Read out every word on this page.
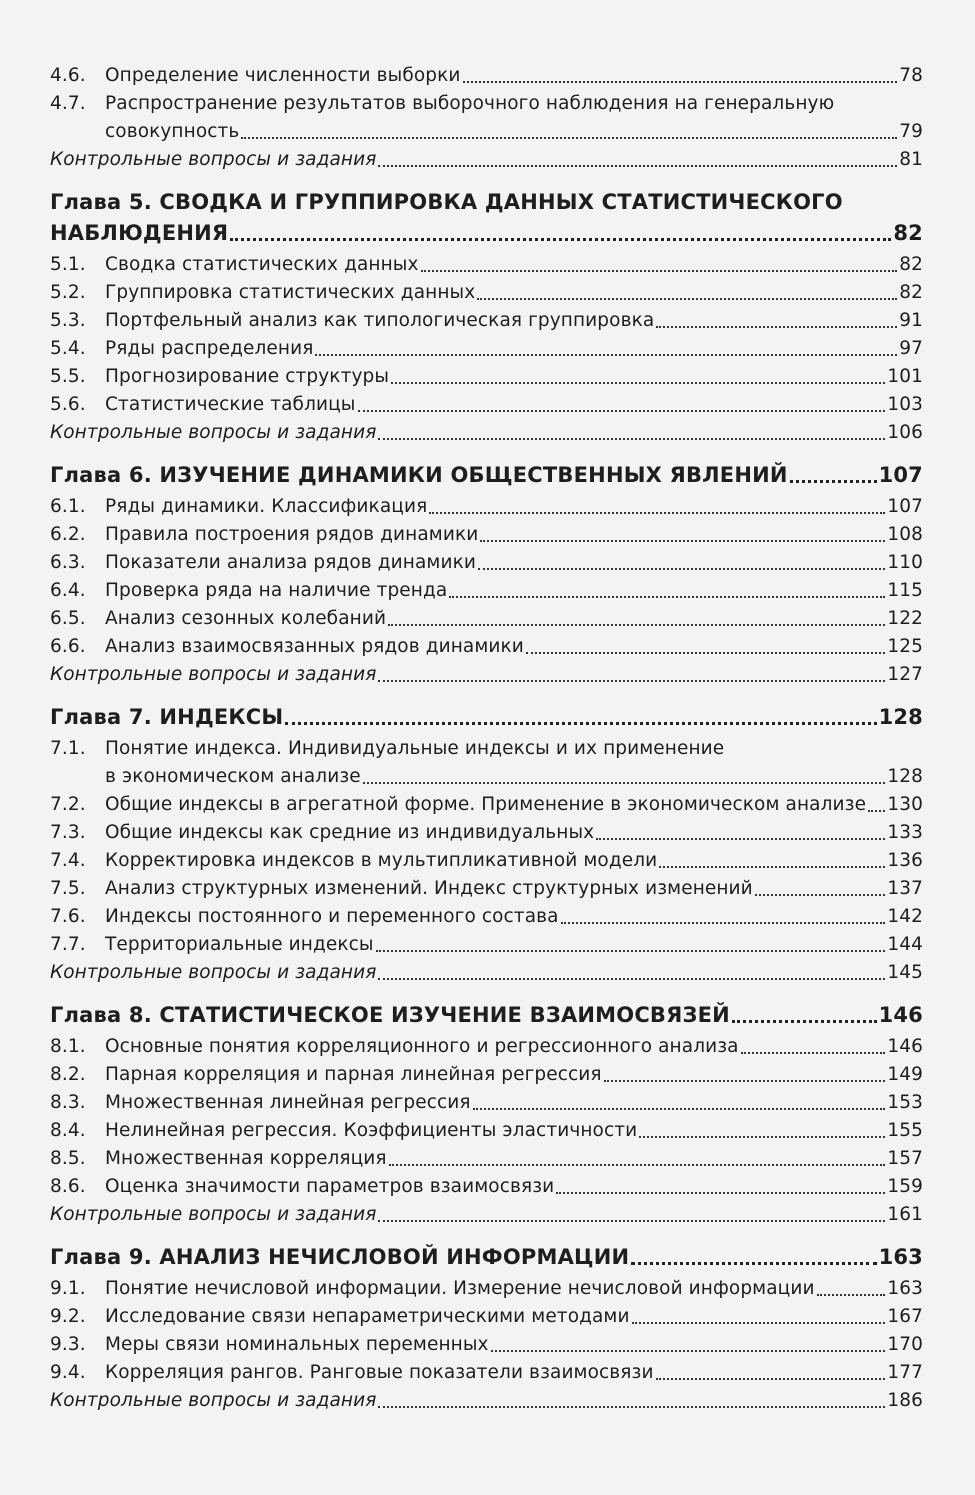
4.6.	Определение численности выборки	78
4.7.	Распространение результатов выборочного наблюдения на генеральную
совокупность	79
Контрольные вопросы и задания	81
Глава 5. СВОДКА И ГРУППИРОВКА ДАННЫХ СТАТИСТИЧЕСКОГО
НАБЛЮДЕНИЯ	82
5.1.	Сводка статистических данных	82
5.2.	Группировка статистических данных	82
5.3.	Портфельный анализ как типологическая группировка	91
5.4.	Ряды распределения	97
5.5.	Прогнозирование структуры	101
5.6.	Статистические таблицы	103
Контрольные вопросы и задания	106
Глава 6. ИЗУЧЕНИЕ ДИНАМИКИ ОБЩЕСТВЕННЫХ ЯВЛЕНИЙ	107
6.1.	Ряды динамики. Классификация	107
6.2.	Правила построения рядов динамики	108
6.3.	Показатели анализа рядов динамики	110
6.4.	Проверка ряда на наличие тренда	115
6.5.	Анализ сезонных колебаний	122
6.6.	Анализ взаимосвязанных рядов динамики	125
Контрольные вопросы и задания	127
Глава 7. ИНДЕКСЫ	128
7.1.	Понятие индекса. Индивидуальные индексы и их применение
в экономическом анализе	128
7.2.	Общие индексы в агрегатной форме. Применение в экономическом анализе 130
7.3.	Общие индексы как средние из индивидуальных	133
7.4.	Корректировка индексов в мультипликативной модели	136
7.5.	Анализ структурных изменений. Индекс структурных изменений	137
7.6.	Индексы постоянного и переменного состава	142
7.7.	Территориальные индексы	144
Контрольные вопросы и задания	145
Глава 8. СТАТИСТИЧЕСКОЕ ИЗУЧЕНИЕ ВЗАИМОСВЯЗЕЙ	146
8.1.	Основные понятия корреляционного и регрессионного анализа	146
8.2.	Парная корреляция и парная линейная регрессия	149
8.3.	Множественная линейная регрессия	153
8.4.	Нелинейная регрессия. Коэффициенты эластичности	155
8.5.	Множественная корреляция	157
8.6.	Оценка значимости параметров взаимосвязи	159
Контрольные вопросы и задания	161
Глава 9. АНАЛИЗ НЕЧИСЛОВОЙ ИНФОРМАЦИИ	163
9.1.	Понятие нечисловой информации. Измерение нечисловой информации	163
9.2.	Исследование связи непараметрическими методами	167
9.3.	Меры связи номинальных переменных	170
9.4.	Корреляция рангов. Ранговые показатели взаимосвязи	177
Контрольные вопросы и задания	186
